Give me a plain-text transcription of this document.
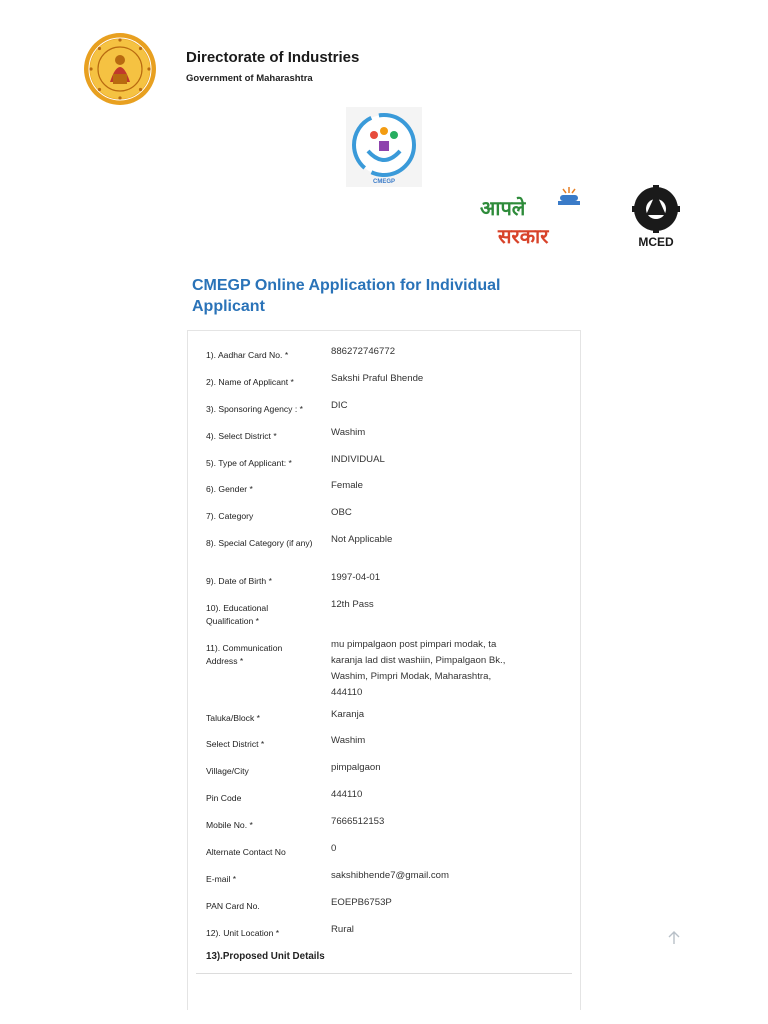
Directorate of Industries
Government of Maharashtra
CMEGP
आपले
सरकार	MCED
CMEGP Online Application for Individual Applicant
1). Aadhar Card No. *	886272746772
2). Name of Applicant *	Sakshi Praful Bhende
3). Sponsoring Agency : *	DIC
4). Select District *	Washim
5). Type of Applicant: *	INDIVIDUAL
6). Gender *	Female
7). Category	OBC
8). Special Category (if any) Not Applicable
9). Date of Birth *	1997-04-01
10). Educational Qualification *
12th Pass
11). Communication Address *
mu pimpalgaon post pimpari modak, ta karanja lad dist washiin, Pimpalgaon Bk., Washim, Pimpri Modak, Maharashtra, 444110
Taluka/Block *	Karanja
Select District *	Washim
Village/City	pimpalgaon
Pin Code	444110
Mobile No. *	7666512153
Alternate Contact No	0
E-mail *	sakshibhende7@gmail.com
PAN Card No.	EOEPB6753P
12). Unit Location *	Rural
13).Proposed Unit Details
